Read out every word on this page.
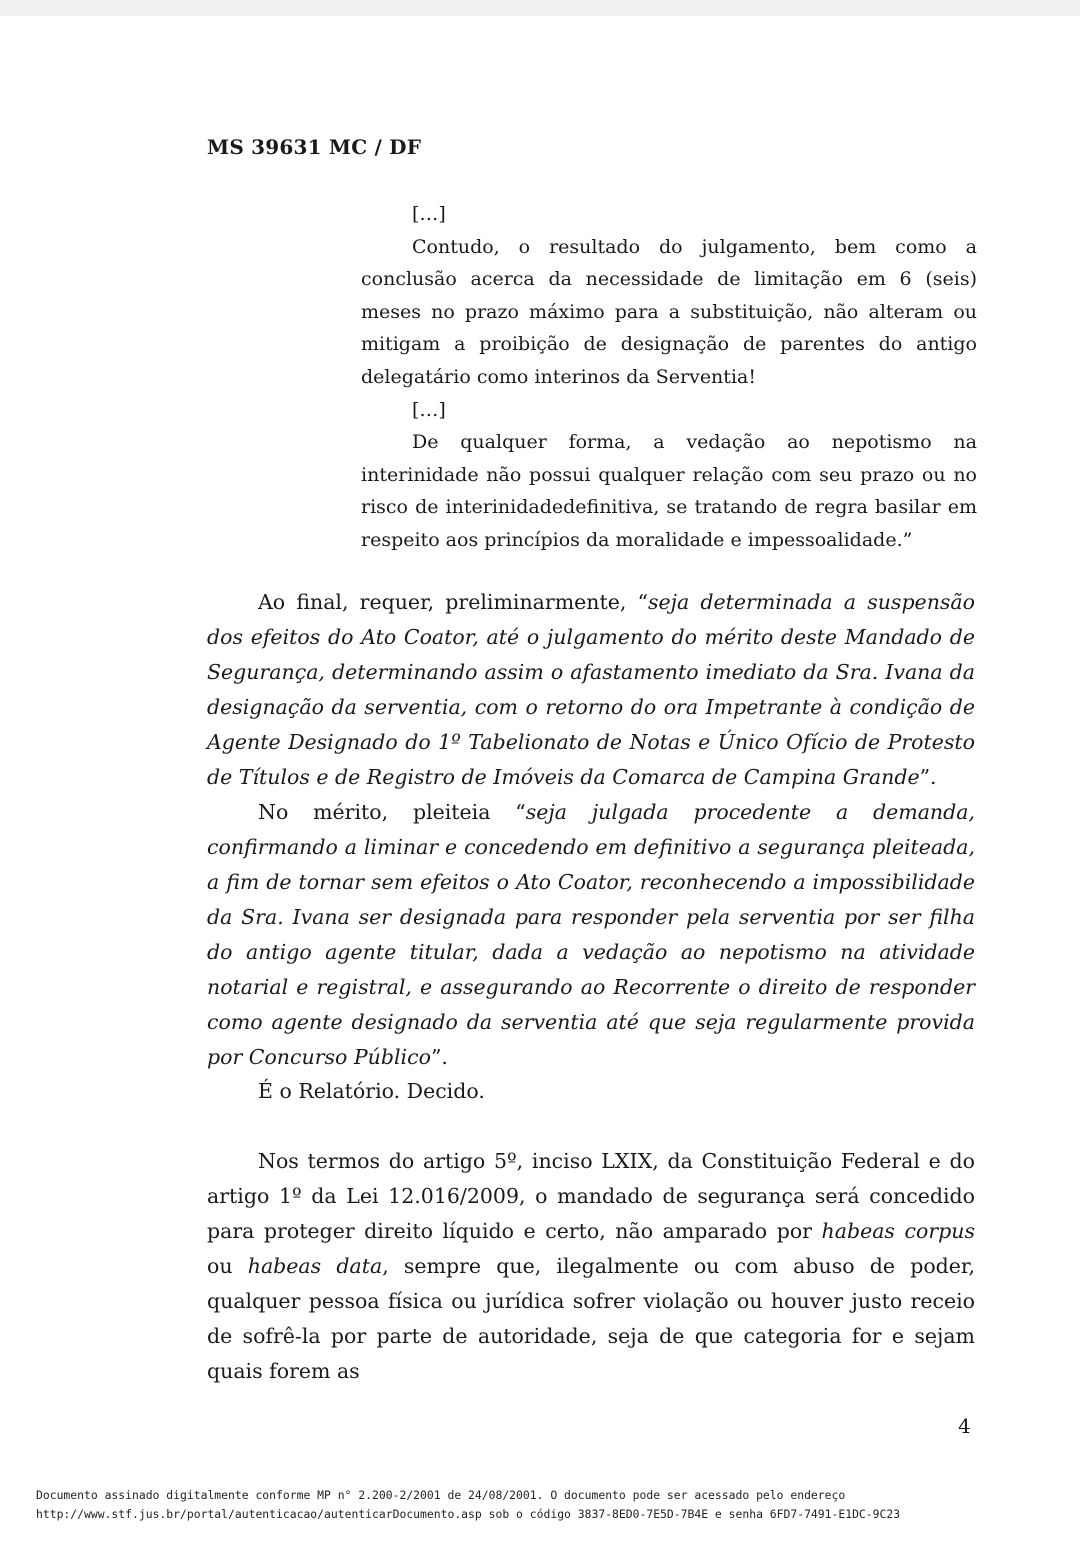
MS 39631 MC / DF

[…]

Contudo, o resultado do julgamento, bem como a conclusão acerca da necessidade de limitação em 6 (seis) meses no prazo máximo para a substituição, não alteram ou mitigam a proibição de designação de parentes do antigo delegatário como interinos da Serventia!

[…]

De qualquer forma, a vedação ao nepotismo na interinidade não possui qualquer relação com seu prazo ou no risco de interinidadedefinitiva, se tratando de regra basilar em respeito aos princípios da moralidade e impessoalidade.”

Ao final, requer, preliminarmente, “seja determinada a suspensão dos efeitos do Ato Coator, até o julgamento do mérito deste Mandado de Segurança, determinando assim o afastamento imediato da Sra. Ivana da designação da serventia, com o retorno do ora Impetrante à condição de Agente Designado do 1º Tabelionato de Notas e Único Ofício de Protesto de Títulos e de Registro de Imóveis da Comarca de Campina Grande”.

No mérito, pleiteia “seja julgada procedente a demanda, confirmando a liminar e concedendo em definitivo a segurança pleiteada, a fim de tornar sem efeitos o Ato Coator, reconhecendo a impossibilidade da Sra. Ivana ser designada para responder pela serventia por ser filha do antigo agente titular, dada a vedação ao nepotismo na atividade notarial e registral, e assegurando ao Recorrente o direito de responder como agente designado da serventia até que seja regularmente provida por Concurso Público”.

É o Relatório. Decido.

Nos termos do artigo 5º, inciso LXIX, da Constituição Federal e do artigo 1º da Lei 12.016/2009, o mandado de segurança será concedido para proteger direito líquido e certo, não amparado por habeas corpus ou habeas data, sempre que, ilegalmente ou com abuso de poder, qualquer pessoa física ou jurídica sofrer violação ou houver justo receio de sofrê-la por parte de autoridade, seja de que categoria for e sejam quais forem as

4
Documento assinado digitalmente conforme MP n° 2.200-2/2001 de 24/08/2001. O documento pode ser acessado pelo endereço
http://www.stf.jus.br/portal/autenticacao/autenticarDocumento.asp sob o código 3837-8ED0-7E5D-7B4E e senha 6FD7-7491-E1DC-9C23
